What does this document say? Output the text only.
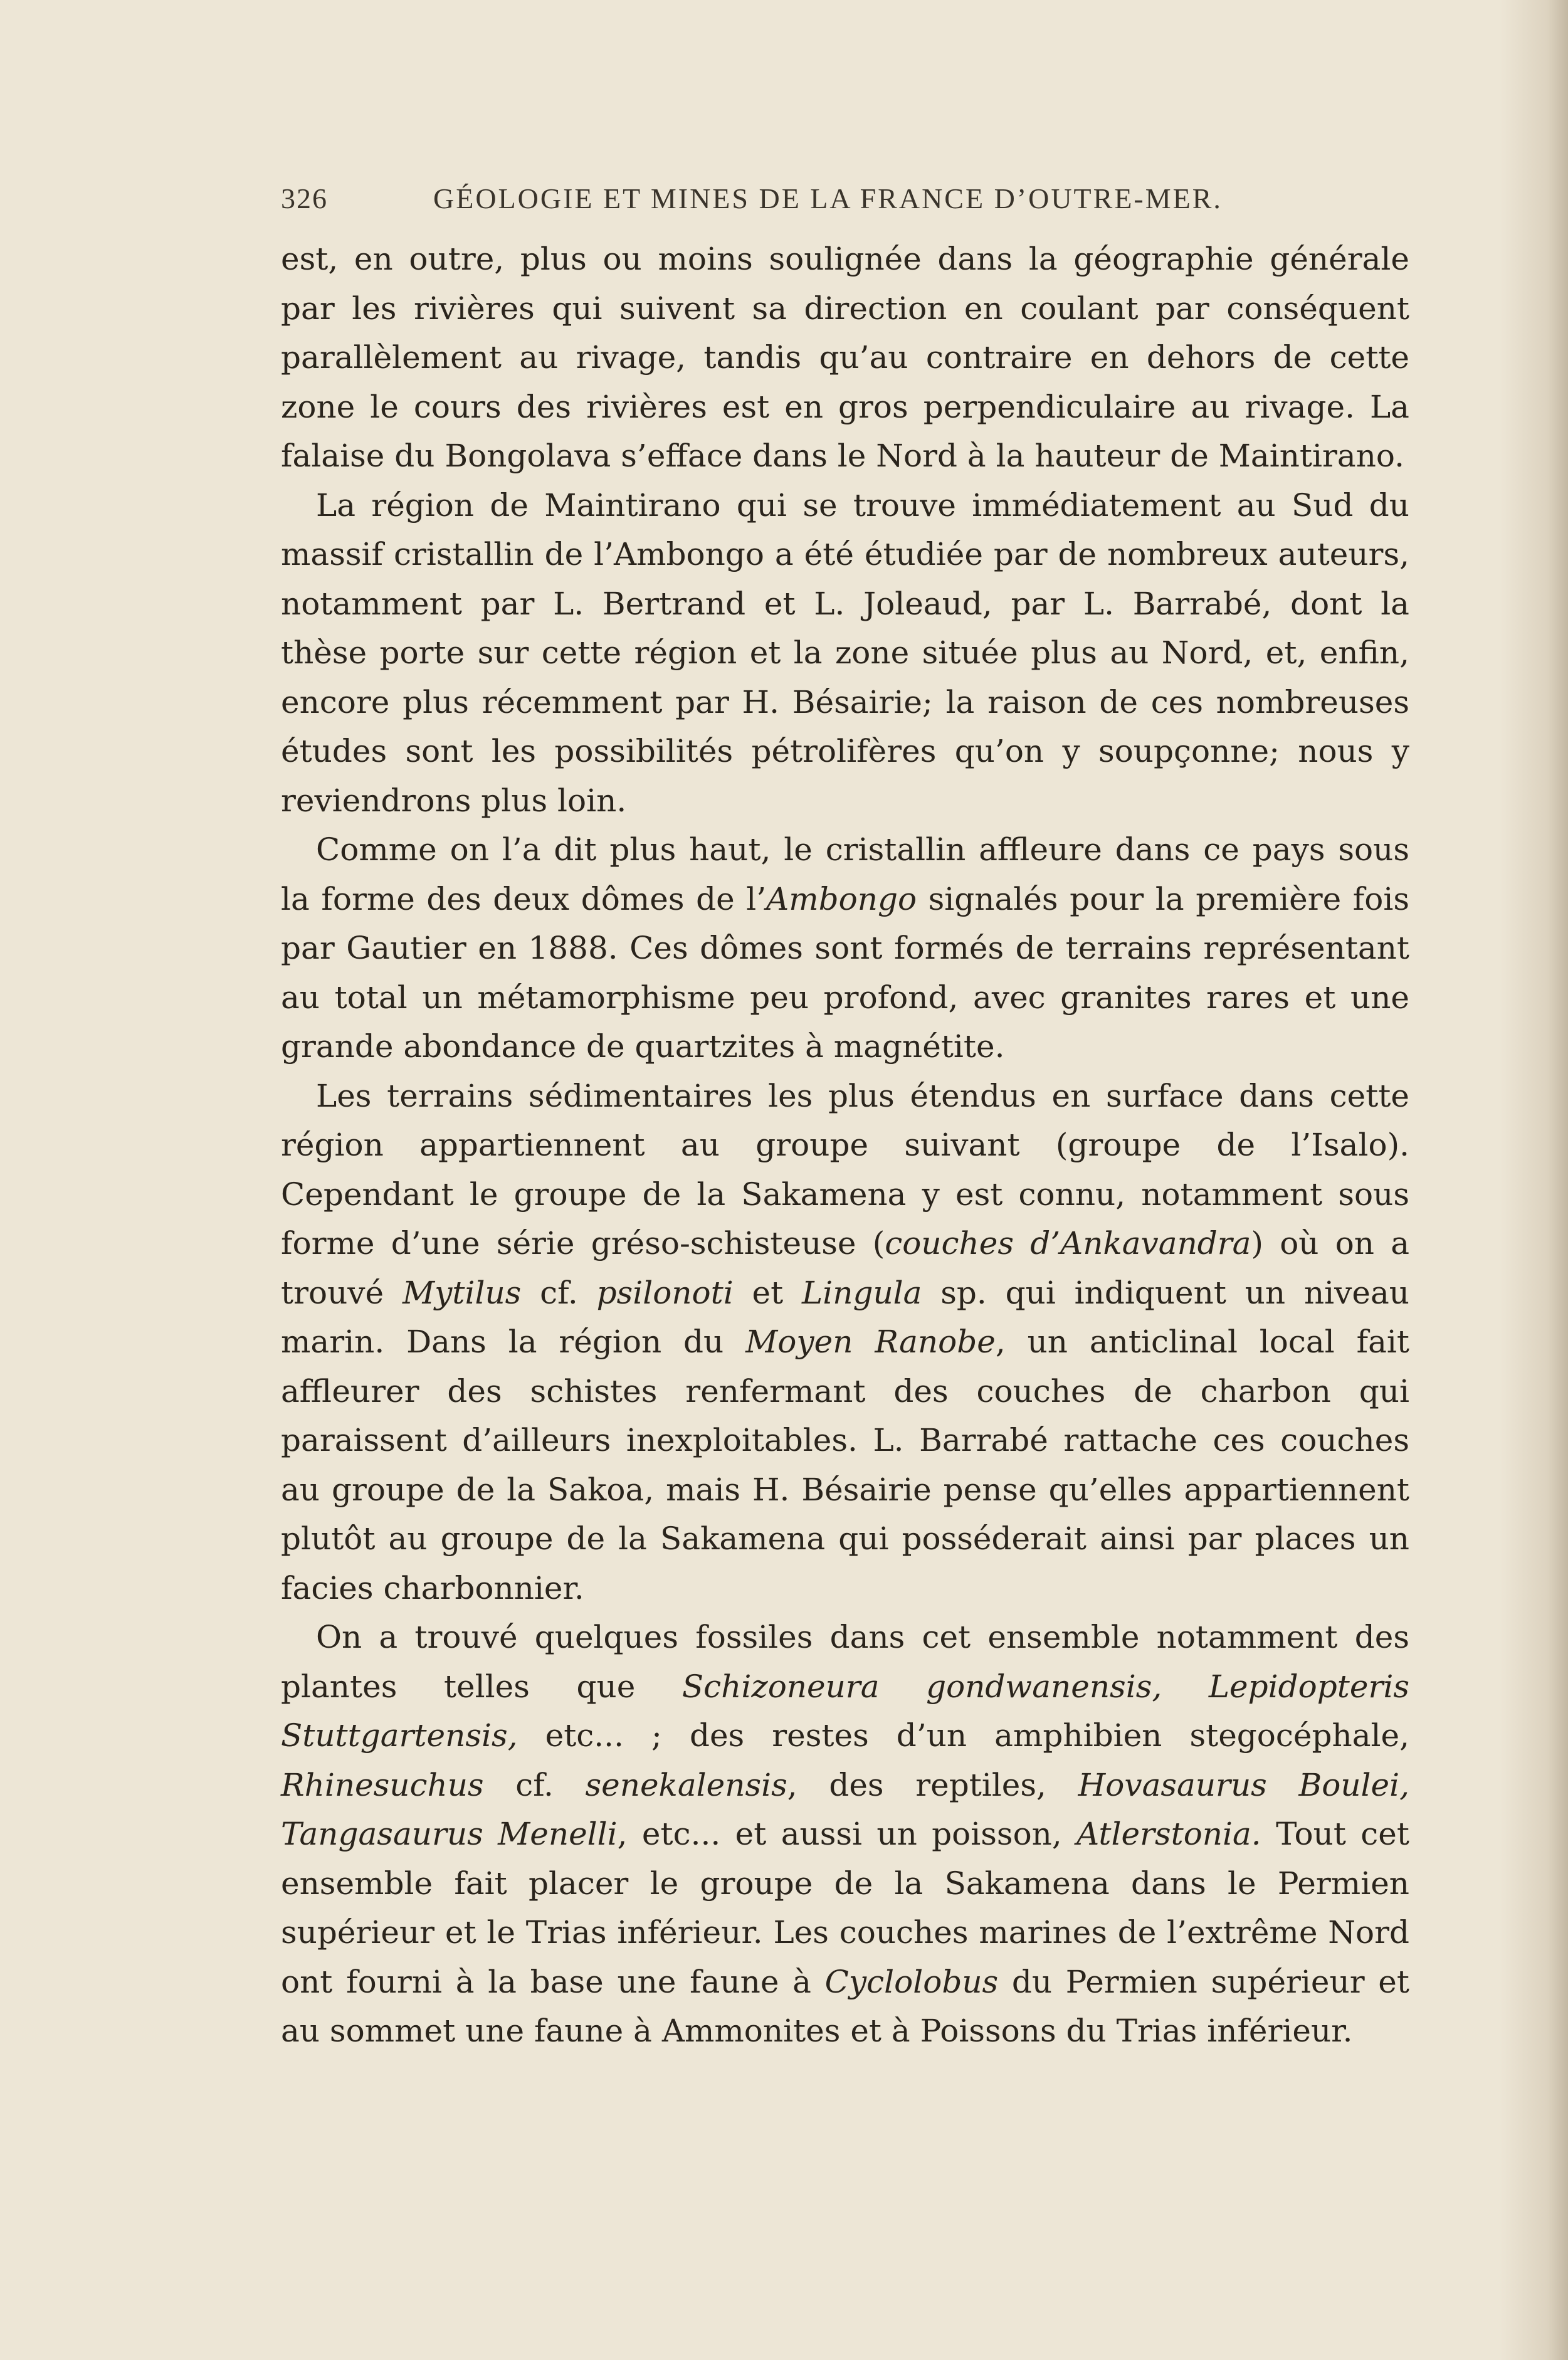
326	GÉOLOGIE ET MINES DE LA FRANCE D’OUTRE-MER.

est, en outre, plus ou moins soulignée dans la géographie générale par les rivières qui suivent sa direction en coulant par conséquent parallèlement au rivage, tandis qu’au contraire en dehors de cette zone le cours des rivières est en gros perpendiculaire au rivage. La falaise du Bongolava s’efface dans le Nord à la hauteur de Maintirano.

La région de Maintirano qui se trouve immédiatement au Sud du massif cristallin de l’Ambongo a été étudiée par de nombreux auteurs, notamment par L. Bertrand et L. Joleaud, par L. Barrabé, dont la thèse porte sur cette région et la zone située plus au Nord, et, enfin, encore plus récemment par H. Bésairie; la raison de ces nombreuses études sont les possibilités pétrolifères qu’on y soupçonne; nous y reviendrons plus loin.

Comme on l’a dit plus haut, le cristallin affleure dans ce pays sous la forme des deux dômes de l’Ambongo signalés pour la première fois par Gautier en 1888. Ces dômes sont formés de terrains représentant au total un métamorphisme peu profond, avec granites rares et une grande abondance de quartzites à magnétite.

Les terrains sédimentaires les plus étendus en surface dans cette région appartiennent au groupe suivant (groupe de l’Isalo). Cependant le groupe de la Sakamena y est connu, notamment sous forme d’une série gréso-schisteuse (couches d’Ankavandra) où on a trouvé Mytilus cf. psilonoti et Lingula sp. qui indiquent un niveau marin. Dans la région du Moyen Ranobe, un anticlinal local fait affleurer des schistes renfermant des couches de charbon qui paraissent d’ailleurs inexploitables. L. Barrabé rattache ces couches au groupe de la Sakoa, mais H. Bésairie pense qu’elles appartiennent plutôt au groupe de la Sakamena qui posséderait ainsi par places un facies charbonnier.

On a trouvé quelques fossiles dans cet ensemble notamment des plantes telles que Schizoneura gondwanensis, Lepidopteris Stuttgartensis, etc... ; des restes d’un amphibien stegocéphale, Rhinesuchus cf. senekalensis, des reptiles, Hovasaurus Boulei, Tangasaurus Menelli, etc... et aussi un poisson, Atlerstonia. Tout cet ensemble fait placer le groupe de la Sakamena dans le Permien supérieur et le Trias inférieur. Les couches marines de l’extrême Nord ont fourni à la base une faune à Cyclolobus du Permien supérieur et au sommet une faune à Ammonites et à Poissons du Trias inférieur.
